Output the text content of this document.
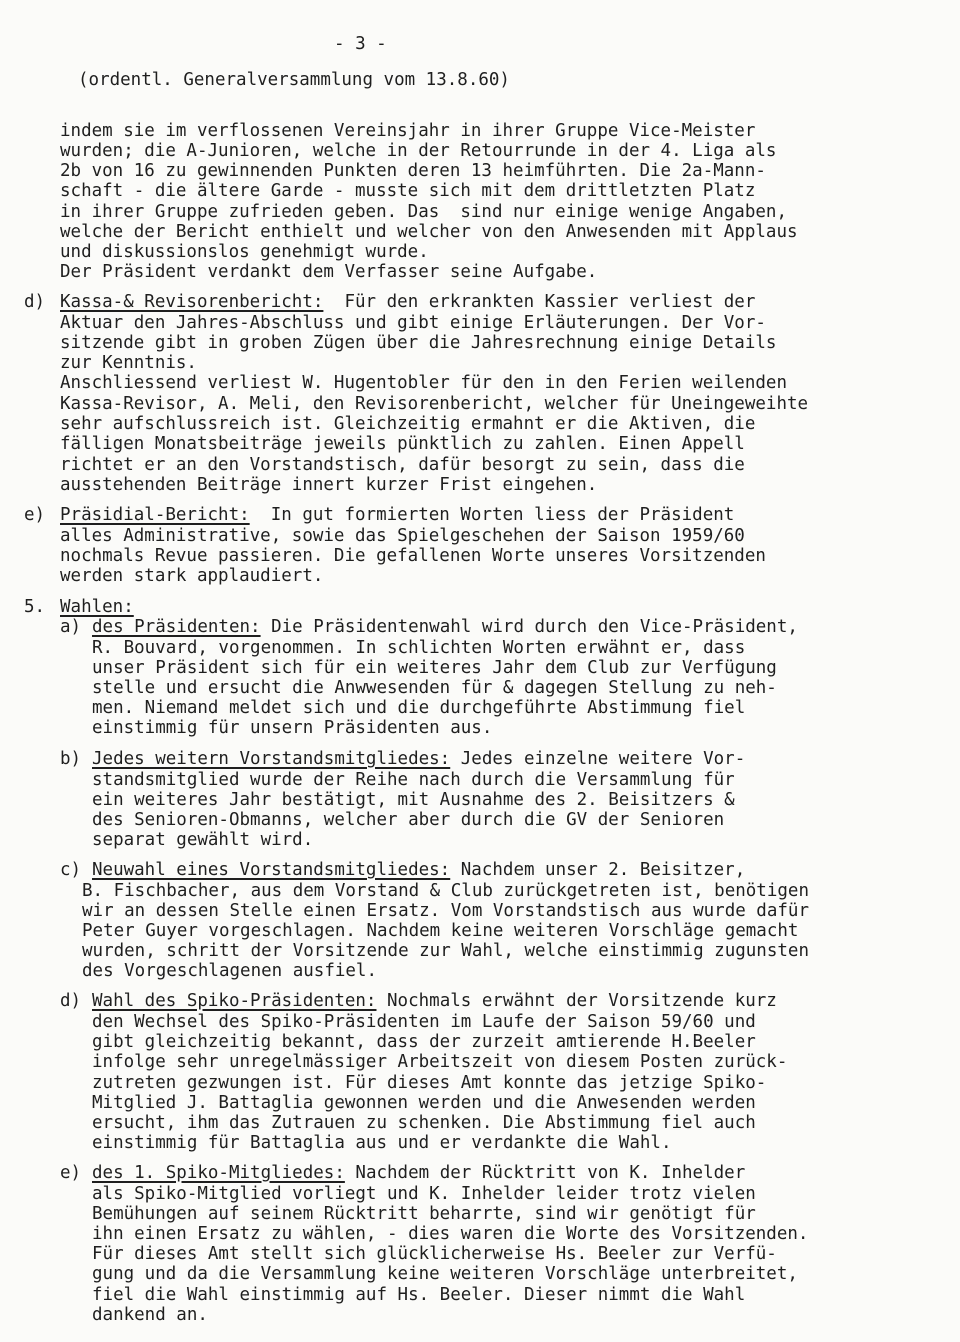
- 3 -
(ordentl. Generalversammlung vom 13.8.60)
indem sie im verflossenen Vereinsjahr in ihrer Gruppe Vice-Meister
wurden; die A-Junioren, welche in der Retourrunde in der 4. Liga als
2b von 16 zu gewinnenden Punkten deren 13 heimführten. Die 2a-Mann-
schaft - die ältere Garde - musste sich mit dem drittletzten Platz
in ihrer Gruppe zufrieden geben. Das  sind nur einige wenige Angaben,
welche der Bericht enthielt und welcher von den Anwesenden mit Applaus
und diskussionslos genehmigt wurde.
Der Präsident verdankt dem Verfasser seine Aufgabe.
d) Kassa-& Revisorenbericht:  Für den erkrankten Kassier verliest der
Aktuar den Jahres-Abschluss und gibt einige Erläuterungen. Der Vor-
sitzende gibt in groben Zügen über die Jahresrechnung einige Details
zur Kenntnis.
Anschliessend verliest W. Hugentobler für den in den Ferien weilenden
Kassa-Revisor, A. Meli, den Revisorenbericht, welcher für Uneingeweihte
sehr aufschlussreich ist. Gleichzeitig ermahnt er die Aktiven, die
fälligen Monatsbeiträge jeweils pünktlich zu zahlen. Einen Appell
richtet er an den Vorstandstisch, dafür besorgt zu sein, dass die
ausstehenden Beiträge innert kurzer Frist eingehen.
e) Präsidial-Bericht:  In gut formierten Worten liess der Präsident
alles Administrative, sowie das Spielgeschehen der Saison 1959/60
nochmals Revue passieren. Die gefallenen Worte unseres Vorsitzenden
werden stark applaudiert.
5. Wahlen:
a) des Präsidenten: Die Präsidentenwahl wird durch den Vice-Präsident,
R. Bouvard, vorgenommen. In schlichten Worten erwähnt er, dass
unser Präsident sich für ein weiteres Jahr dem Club zur Verfügung
stelle und ersucht die Anwwesenden für & dagegen Stellung zu neh-
men. Niemand meldet sich und die durchgeführte Abstimmung fiel
einstimmig für unsern Präsidenten aus.
b) Jedes weitern Vorstandsmitgliedes: Jedes einzelne weitere Vor-
standsmitglied wurde der Reihe nach durch die Versammlung für
ein weiteres Jahr bestätigt, mit Ausnahme des 2. Beisitzers &
des Senioren-Obmanns, welcher aber durch die GV der Senioren
separat gewählt wird.
c) Neuwahl eines Vorstandsmitgliedes: Nachdem unser 2. Beisitzer,
B. Fischbacher, aus dem Vorstand & Club zurückgetreten ist, benötigen
wir an dessen Stelle einen Ersatz. Vom Vorstandstisch aus wurde dafür
Peter Guyer vorgeschlagen. Nachdem keine weiteren Vorschläge gemacht
wurden, schritt der Vorsitzende zur Wahl, welche einstimmig zugunsten
des Vorgeschlagenen ausfiel.
d) Wahl des Spiko-Präsidenten: Nochmals erwähnt der Vorsitzende kurz
den Wechsel des Spiko-Präsidenten im Laufe der Saison 59/60 und
gibt gleichzeitig bekannt, dass der zurzeit amtierende H.Beeler
infolge sehr unregelmässiger Arbeitszeit von diesem Posten zurück-
zutreten gezwungen ist. Für dieses Amt konnte das jetzige Spiko-
Mitglied J. Battaglia gewonnen werden und die Anwesenden werden
ersucht, ihm das Zutrauen zu schenken. Die Abstimmung fiel auch
einstimmig für Battaglia aus und er verdankte die Wahl.
e) des 1. Spiko-Mitgliedes: Nachdem der Rücktritt von K. Inhelder
als Spiko-Mitglied vorliegt und K. Inhelder leider trotz vielen
Bemühungen auf seinem Rücktritt beharrte, sind wir genötigt für
ihn einen Ersatz zu wählen, - dies waren die Worte des Vorsitzenden.
Für dieses Amt stellt sich glücklicherweise Hs. Beeler zur Verfü-
gung und da die Versammlung keine weiteren Vorschläge unterbreitet,
fiel die Wahl einstimmig auf Hs. Beeler. Dieser nimmt die Wahl
dankend an.
